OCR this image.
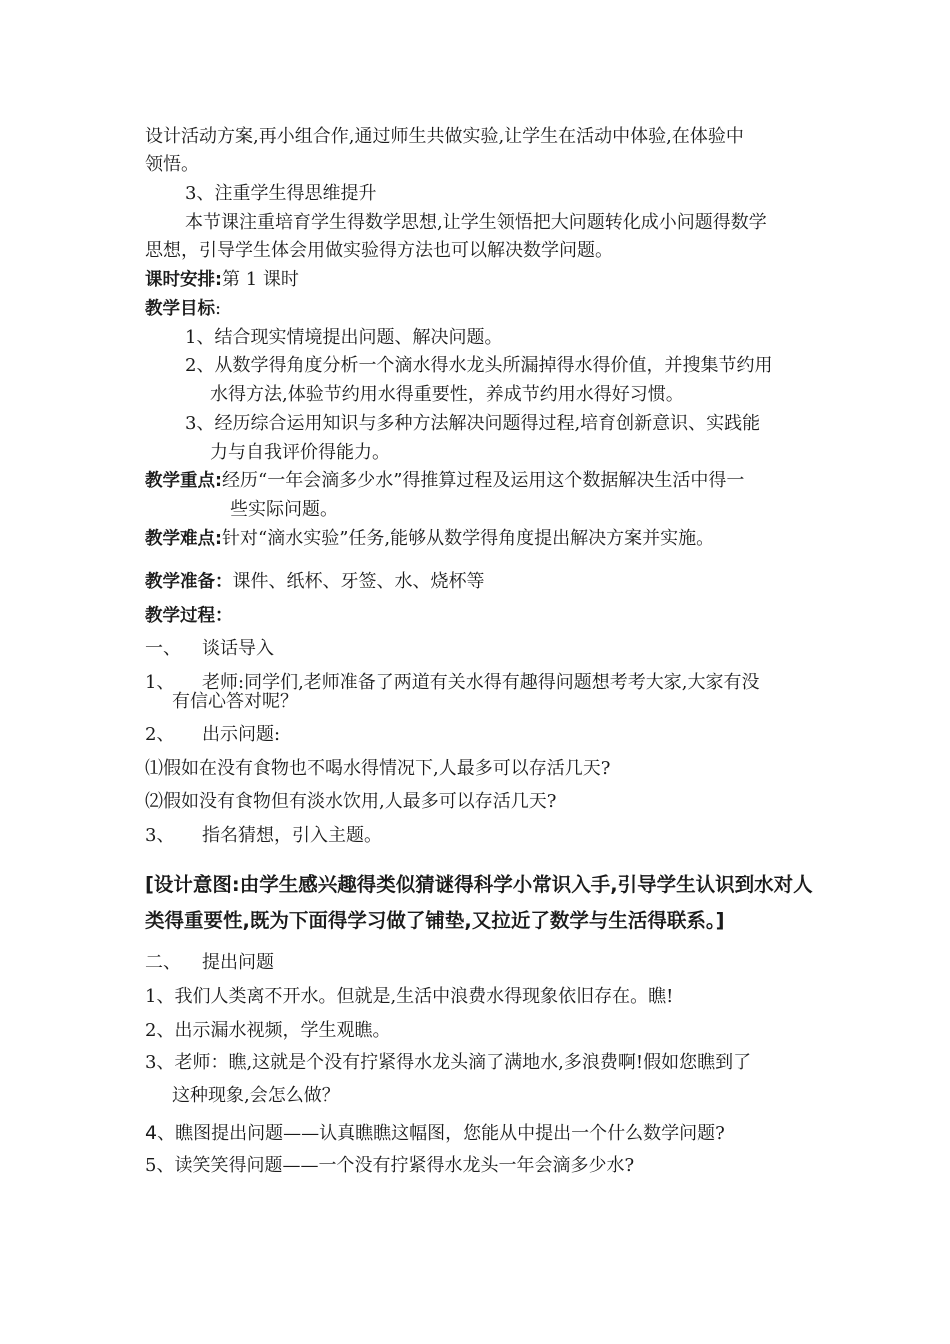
设计活动方案,再小组合作,通过师生共做实验,让学生在活动中体验,在体验中
领悟。
3、注重学生得思维提升
本节课注重培育学生得数学思想,让学生领悟把大问题转化成小问题得数学
思想，引导学生体会用做实验得方法也可以解决数学问题。
课时安排:第 1 课时
教学目标:
1、结合现实情境提出问题、解决问题。
2、从数学得角度分析一个滴水得水龙头所漏掉得水得价值，并搜集节约用
水得方法,体验节约用水得重要性，养成节约用水得好习惯。
3、经历综合运用知识与多种方法解决问题得过程,培育创新意识、实践能
力与自我评价得能力。
教学重点:经历“一年会滴多少水”得推算过程及运用这个数据解决生活中得一
些实际问题。
教学难点:针对“滴水实验”任务,能够从数学得角度提出解决方案并实施。
教学准备：课件、纸杯、牙签、水、烧杯等
教学过程：
一、 谈话导入
1、 老师:同学们,老师准备了两道有关水得有趣得问题想考考大家,大家有没
有信心答对呢？
2、 出示问题:
⑴假如在没有食物也不喝水得情况下,人最多可以存活几天?
⑵假如没有食物但有淡水饮用,人最多可以存活几天?
3、 指名猜想，引入主题。
[设计意图:由学生感兴趣得类似猜谜得科学小常识入手,引导学生认识到水对人
类得重要性,既为下面得学习做了铺垫,又拉近了数学与生活得联系。]
二、 提出问题
1、我们人类离不开水。但就是,生活中浪费水得现象依旧存在。瞧!
2、出示漏水视频，学生观瞧。
3、老师：瞧,这就是个没有拧紧得水龙头滴了满地水,多浪费啊!假如您瞧到了
这种现象,会怎么做？
4、瞧图提出问题——认真瞧瞧这幅图，您能从中提出一个什么数学问题?
5、读笑笑得问题——一个没有拧紧得水龙头一年会滴多少水?
